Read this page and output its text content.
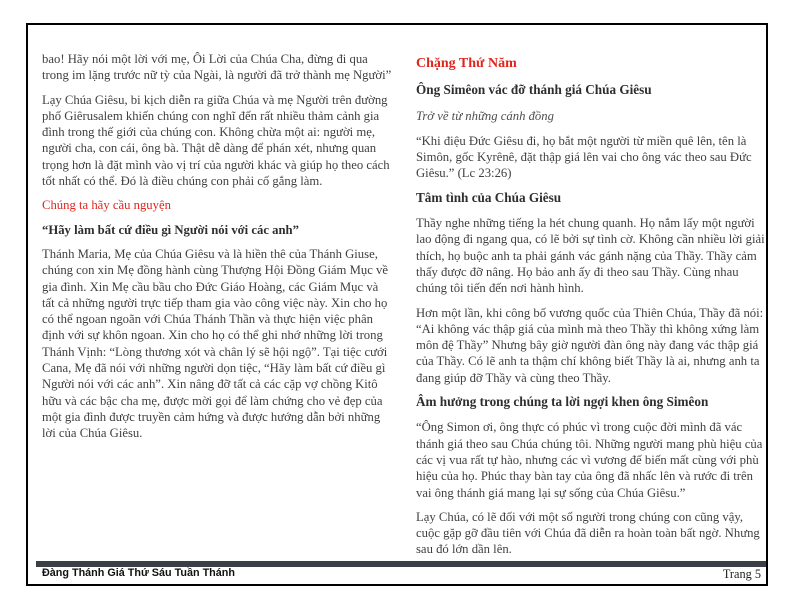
bao! Hãy nói một lời với mẹ, Ôi Lời của Chúa Cha, đừng đi qua trong im lặng trước nữ tỳ của Ngài, là người đã trở thành mẹ Người”

Lạy Chúa Giêsu, bi kịch diễn ra giữa Chúa và mẹ Người trên đường phố Giêrusalem khiến chúng con nghĩ đến rất nhiều thảm cảnh gia đình trong thế giới của chúng con. Không chừa một ai: người mẹ, người cha, con cái, ông bà. Thật dễ dàng để phán xét, nhưng quan trọng hơn là đặt mình vào vị trí của người khác và giúp họ theo cách tốt nhất có thể. Đó là điều chúng con phải cố gắng làm.

Chúng ta hãy cầu nguyện

“Hãy làm bất cứ điều gì Người nói với các anh”

Thánh Maria, Mẹ của Chúa Giêsu và là hiền thê của Thánh Giuse, chúng con xin Mẹ đồng hành cùng Thượng Hội Đồng Giám Mục về gia đình. Xin Mẹ cầu bầu cho Đức Giáo Hoàng, các Giám Mục và tất cả những người trực tiếp tham gia vào công việc này. Xin cho họ có thể ngoan ngoãn với Chúa Thánh Thần và thực hiện việc phân định với sự khôn ngoan. Xin cho họ có thể ghi nhớ những lời trong Thánh Vịnh: “Lòng thương xót và chân lý sẽ hội ngộ”. Tại tiệc cưới Cana, Mẹ đã nói với những người dọn tiệc, “Hãy làm bất cứ điều gì Người nói với các anh”. Xin nâng đỡ tất cả các cặp vợ chồng Kitô hữu và các bậc cha mẹ, được mời gọi để làm chứng cho vẻ đẹp của một gia đình được truyền cảm hứng và được hướng dẫn bởi những lời của Chúa Giêsu.

Chặng Thứ Năm
Ông Simêon vác đỡ thánh giá Chúa Giêsu

Trở về từ những cánh đồng

“Khi điệu Đức Giêsu đi, họ bắt một người từ miền quê lên, tên là Simôn, gốc Kyrênê, đặt thập giá lên vai cho ông vác theo sau Đức Giêsu.” (Lc 23:26)

Tâm tình của Chúa Giêsu

Thầy nghe những tiếng la hét chung quanh. Họ nắm lấy một người lao động đi ngang qua, có lẽ bởi sự tình cờ. Không cần nhiều lời giải thích, họ buộc anh ta phải gánh vác gánh nặng của Thầy. Thầy cảm thấy được đỡ nâng. Họ bảo anh ấy đi theo sau Thầy. Cùng nhau chúng tôi tiến đến nơi hành hình.

Hơn một lần, khi công bố vương quốc của Thiên Chúa, Thầy đã nói: “Ai không vác thập giá của mình mà theo Thầy thì không xứng làm môn đệ Thầy” Nhưng bây giờ người đàn ông này đang vác thập giá của Thầy. Có lẽ anh ta thậm chí không biết Thầy là ai, nhưng anh ta đang giúp đỡ Thầy và cùng theo Thầy.

Âm hưởng trong chúng ta lời ngợi khen ông Simêon

“Ông Simon ơi, ông thực có phúc vì trong cuộc đời mình đã vác thánh giá theo sau Chúa chúng tôi. Những người mang phù hiệu của các vị vua rất tự hào, nhưng các vì vương đế biến mất cùng với phù hiệu của họ. Phúc thay bàn tay của ông đã nhấc lên và rước đi trên vai ông thánh giá mang lại sự sống của Chúa Giêsu.”

Lạy Chúa, có lẽ đối với một số người trong chúng con cũng vậy, cuộc gặp gỡ đầu tiên với Chúa đã diễn ra hoàn toàn bất ngờ. Nhưng sau đó lớn dần lên.

Đàng Thánh Giá Thứ Sáu Tuần Thánh	Trang 5
